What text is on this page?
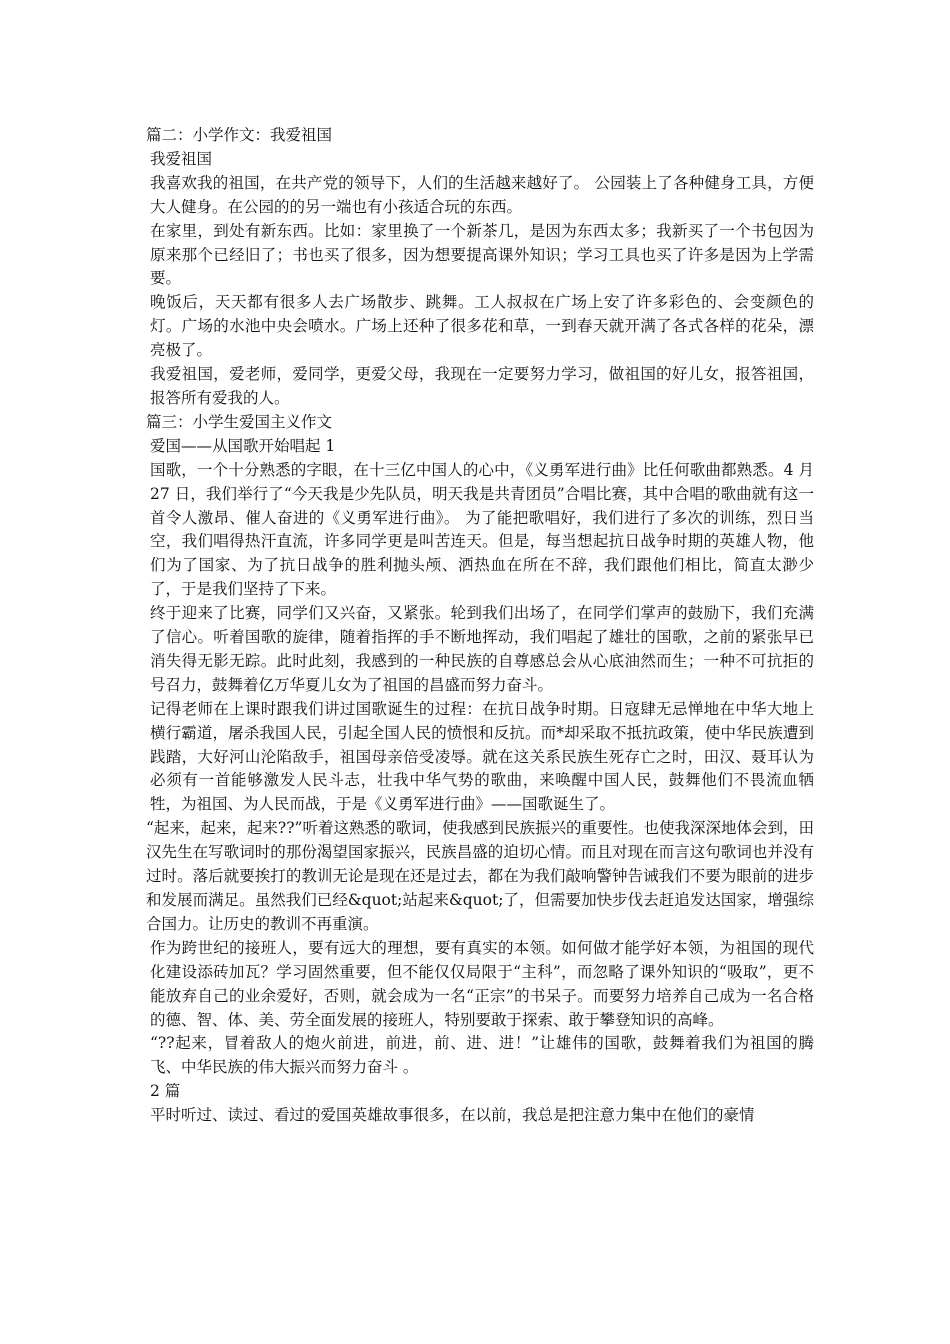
篇二：小学作文：我爱祖国

我爱祖国

我喜欢我的祖国，在共产党的领导下，人们的生活越来越好了。 公园装上了各种健身工具，方便大人健身。在公园的的另一端也有小孩适合玩的东西。

在家里，到处有新东西。比如：家里换了一个新茶几，是因为东西太多；我新买了一个书包因为原来那个已经旧了；书也买了很多，因为想要提高课外知识；学习工具也买了许多是因为上学需要。

晚饭后，天天都有很多人去广场散步、跳舞。工人叔叔在广场上安了许多彩色的、会变颜色的灯。广场的水池中央会喷水。广场上还种了很多花和草，一到春天就开满了各式各样的花朵，漂亮极了。

我爱祖国，爱老师，爱同学，更爱父母，我现在一定要努力学习，做祖国的好儿女，报答祖国，报答所有爱我的人。

篇三：小学生爱国主义作文

爱国——从国歌开始唱起 1

国歌，一个十分熟悉的字眼，在十三亿中国人的心中，《义勇军进行曲》比任何歌曲都熟悉。4 月 27 日，我们举行了“今天我是少先队员，明天我是共青团员”合唱比赛，其中合唱的歌曲就有这一首令人激昂、催人奋进的《义勇军进行曲》。 为了能把歌唱好，我们进行了多次的训练，烈日当空，我们唱得热汗直流，许多同学更是叫苦连天。但是，每当想起抗日战争时期的英雄人物，他们为了国家、为了抗日战争的胜利抛头颅、洒热血在所在不辞，我们跟他们相比，简直太渺少了，于是我们坚持了下来。

终于迎来了比赛，同学们又兴奋，又紧张。轮到我们出场了，在同学们掌声的鼓励下，我们充满了信心。听着国歌的旋律，随着指挥的手不断地挥动，我们唱起了雄壮的国歌，之前的紧张早已消失得无影无踪。此时此刻，我感到的一种民族的自尊感总会从心底油然而生；一种不可抗拒的号召力，鼓舞着亿万华夏儿女为了祖国的昌盛而努力奋斗。

记得老师在上课时跟我们讲过国歌诞生的过程：在抗日战争时期。日寇肆无忌惮地在中华大地上横行霸道，屠杀我国人民，引起全国人民的愤恨和反抗。而*却采取不抵抗政策，使中华民族遭到践踏，大好河山沦陷敌手，祖国母亲倍受凌辱。就在这关系民族生死存亡之时，田汉、聂耳认为必须有一首能够激发人民斗志，壮我中华气势的歌曲，来唤醒中国人民，鼓舞他们不畏流血牺牲，为祖国、为人民而战，于是《义勇军进行曲》——国歌诞生了。

“起来，起来，起来??”听着这熟悉的歌词，使我感到民族振兴的重要性。也使我深深地体会到，田汉先生在写歌词时的那份渴望国家振兴，民族昌盛的迫切心情。而且对现在而言这句歌词也并没有过时。落后就要挨打的教训无论是现在还是过去，都在为我们敲响警钟告诫我们不要为眼前的进步和发展而满足。虽然我们已经&quot;站起来&quot;了，但需要加快步伐去赶追发达国家，增强综合国力。让历史的教训不再重演。

作为跨世纪的接班人，要有远大的理想，要有真实的本领。如何做才能学好本领，为祖国的现代化建设添砖加瓦？学习固然重要，但不能仅仅局限于“主科”，而忽略了课外知识的“吸取”，更不能放弃自己的业余爱好，否则，就会成为一名“正宗”的书呆子。而要努力培养自己成为一名合格的德、智、体、美、劳全面发展的接班人，特别要敢于探索、敢于攀登知识的高峰。

“??起来，冒着敌人的炮火前进，前进，前、进、进！”让雄伟的国歌，鼓舞着我们为祖国的腾飞、中华民族的伟大振兴而努力奋斗 。

2 篇

平时听过、读过、看过的爱国英雄故事很多，在以前，我总是把注意力集中在他们的豪情
